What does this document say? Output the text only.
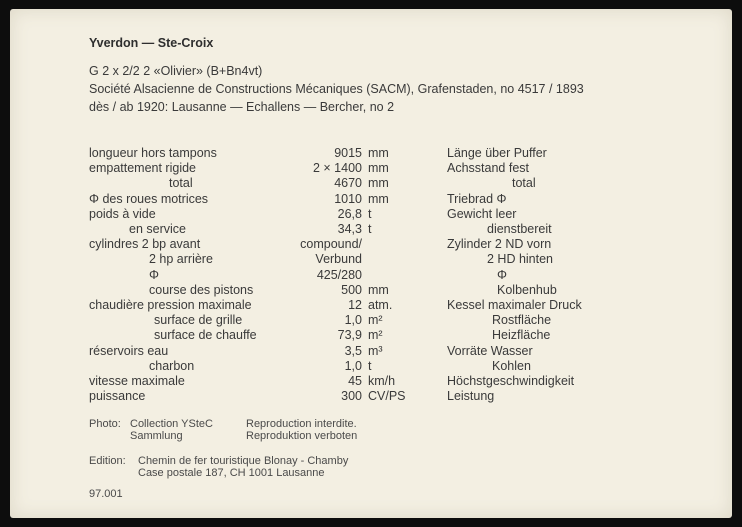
Yverdon — Ste-Croix
G 2 x 2/2 2 «Olivier» (B+Bn4vt)
Société Alsacienne de Constructions Mécaniques (SACM), Grafenstaden, no 4517 / 1893
dès / ab 1920: Lausanne — Echallens — Bercher, no 2
longueur hors tampons	9015 mm	Länge über Puffer
empattement rigide	2 × 1400 mm	Achsstand fest
total	4670 mm	total
Φ des roues motrices	1010 mm	Triebrad Φ
poids à vide	26,8 t	Gewicht leer
en service	34,3 t	dienstbereit
cylindres 2 bp avant	compound/	Zylinder 2 ND vorn
2 hp arrière	Verbund	2 HD hinten
Φ	425/280	Φ
course des pistons	500 mm	Kolbenhub
chaudière pression maximale	12 atm.	Kessel maximaler Druck
surface de grille	1,0 m²	Rostfläche
surface de chauffe	73,9 m²	Heizfläche
réservoirs eau	3,5 m³	Vorräte Wasser
charbon	1,0 t	Kohlen
vitesse maximale	45 km/h	Höchstgeschwindigkeit
puissance	300 CV/PS	Leistung
Photo: Collection YSteC
Sammlung
Reproduction interdite.
Reproduktion verboten
Edition: Chemin de fer touristique Blonay - Chamby
Case postale 187, CH 1001 Lausanne
97.001
